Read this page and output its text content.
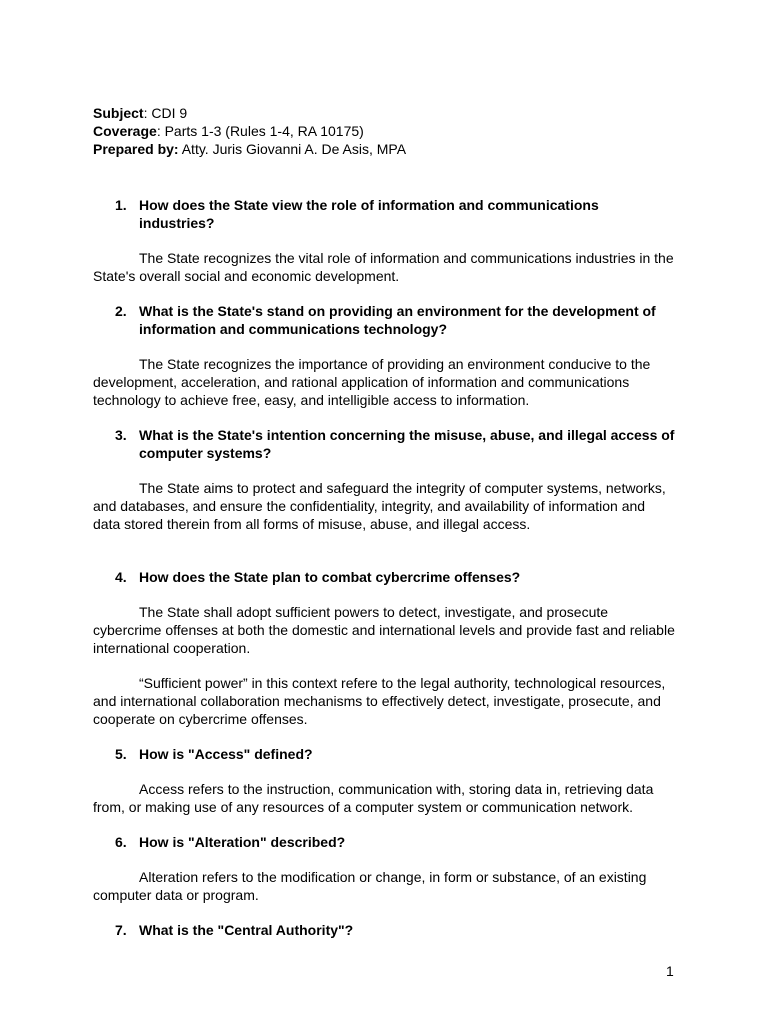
Subject: CDI 9

Coverage: Parts 1-3 (Rules 1-4, RA 10175)

Prepared by: Atty. Juris Giovanni A. De Asis, MPA

1. How does the State view the role of information and communications industries?

The State recognizes the vital role of information and communications industries in the State's overall social and economic development.

2. What is the State's stand on providing an environment for the development of information and communications technology?

The State recognizes the importance of providing an environment conducive to the development, acceleration, and rational application of information and communications technology to achieve free, easy, and intelligible access to information.

3. What is the State's intention concerning the misuse, abuse, and illegal access of computer systems?

The State aims to protect and safeguard the integrity of computer systems, networks, and databases, and ensure the confidentiality, integrity, and availability of information and data stored therein from all forms of misuse, abuse, and illegal access.

4. How does the State plan to combat cybercrime offenses?

The State shall adopt sufficient powers to detect, investigate, and prosecute cybercrime offenses at both the domestic and international levels and provide fast and reliable international cooperation.

“Sufficient power” in this context refere to the legal authority, technological resources, and international collaboration mechanisms to effectively detect, investigate, prosecute, and cooperate on cybercrime offenses.

5. How is "Access" defined?

Access refers to the instruction, communication with, storing data in, retrieving data from, or making use of any resources of a computer system or communication network.

6. How is "Alteration" described?

Alteration refers to the modification or change, in form or substance, of an existing computer data or program.

7. What is the "Central Authority"?

1
